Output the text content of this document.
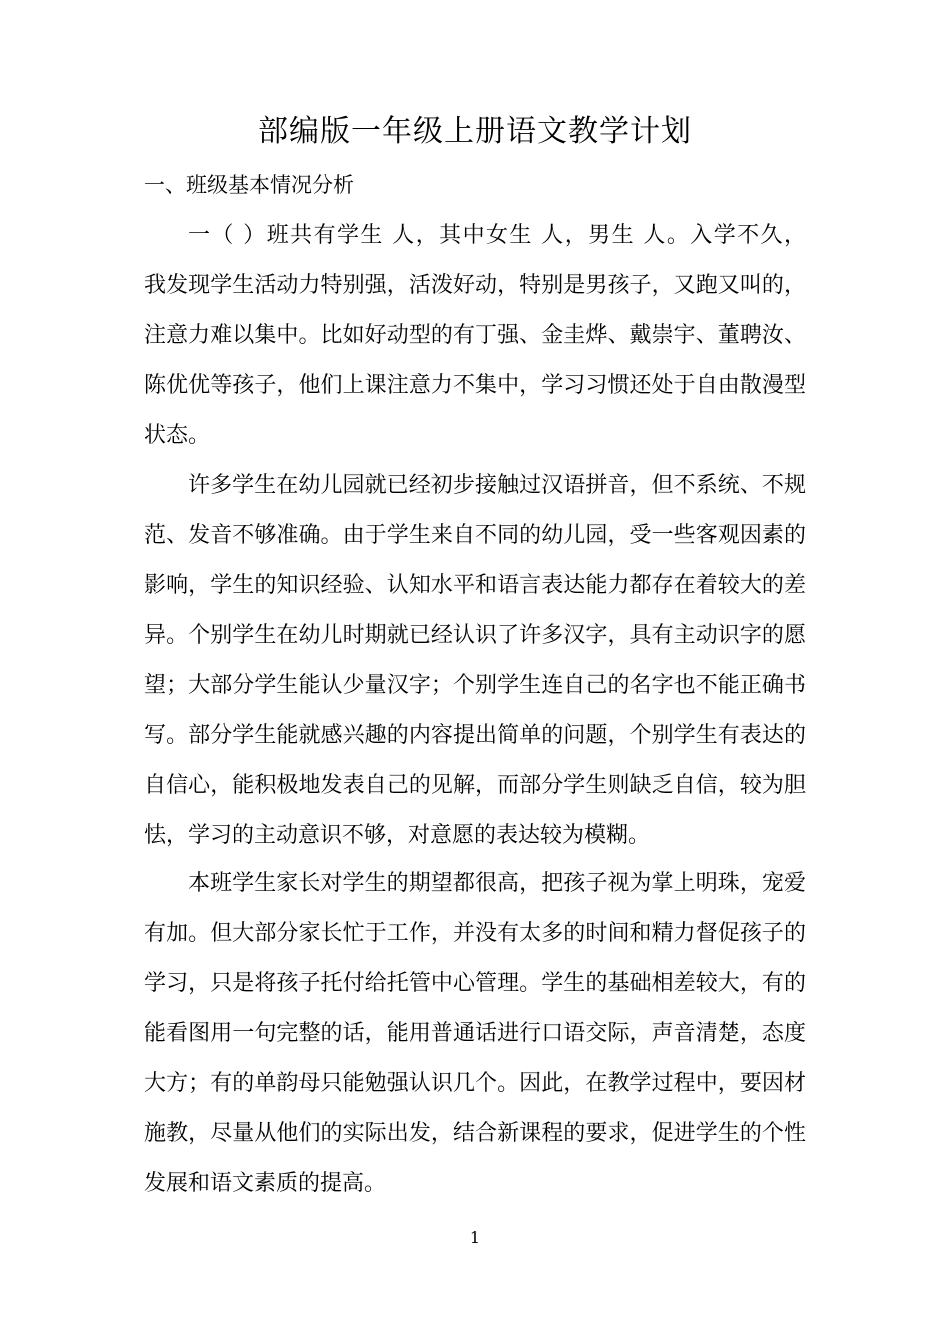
部编版一年级上册语文教学计划
一、班级基本情况分析
一（ ）班共有学生 人，其中女生 人，男生 人。入学不久，
我发现学生活动力特别强，活泼好动，特别是男孩子，又跑又叫的，
注意力难以集中。比如好动型的有丁强、金圭烨、戴崇宇、董聘汝、
陈优优等孩子，他们上课注意力不集中，学习习惯还处于自由散漫型
状态。
许多学生在幼儿园就已经初步接触过汉语拼音，但不系统、不规
范、发音不够准确。由于学生来自不同的幼儿园，受一些客观因素的
影响，学生的知识经验、认知水平和语言表达能力都存在着较大的差
异。个别学生在幼儿时期就已经认识了许多汉字，具有主动识字的愿
望；大部分学生能认少量汉字；个别学生连自己的名字也不能正确书
写。部分学生能就感兴趣的内容提出简单的问题，个别学生有表达的
自信心，能积极地发表自己的见解，而部分学生则缺乏自信，较为胆
怯，学习的主动意识不够，对意愿的表达较为模糊。
本班学生家长对学生的期望都很高，把孩子视为掌上明珠，宠爱
有加。但大部分家长忙于工作，并没有太多的时间和精力督促孩子的
学习，只是将孩子托付给托管中心管理。学生的基础相差较大，有的
能看图用一句完整的话，能用普通话进行口语交际，声音清楚，态度
大方；有的单韵母只能勉强认识几个。因此，在教学过程中，要因材
施教，尽量从他们的实际出发，结合新课程的要求，促进学生的个性
发展和语文素质的提高。
1
